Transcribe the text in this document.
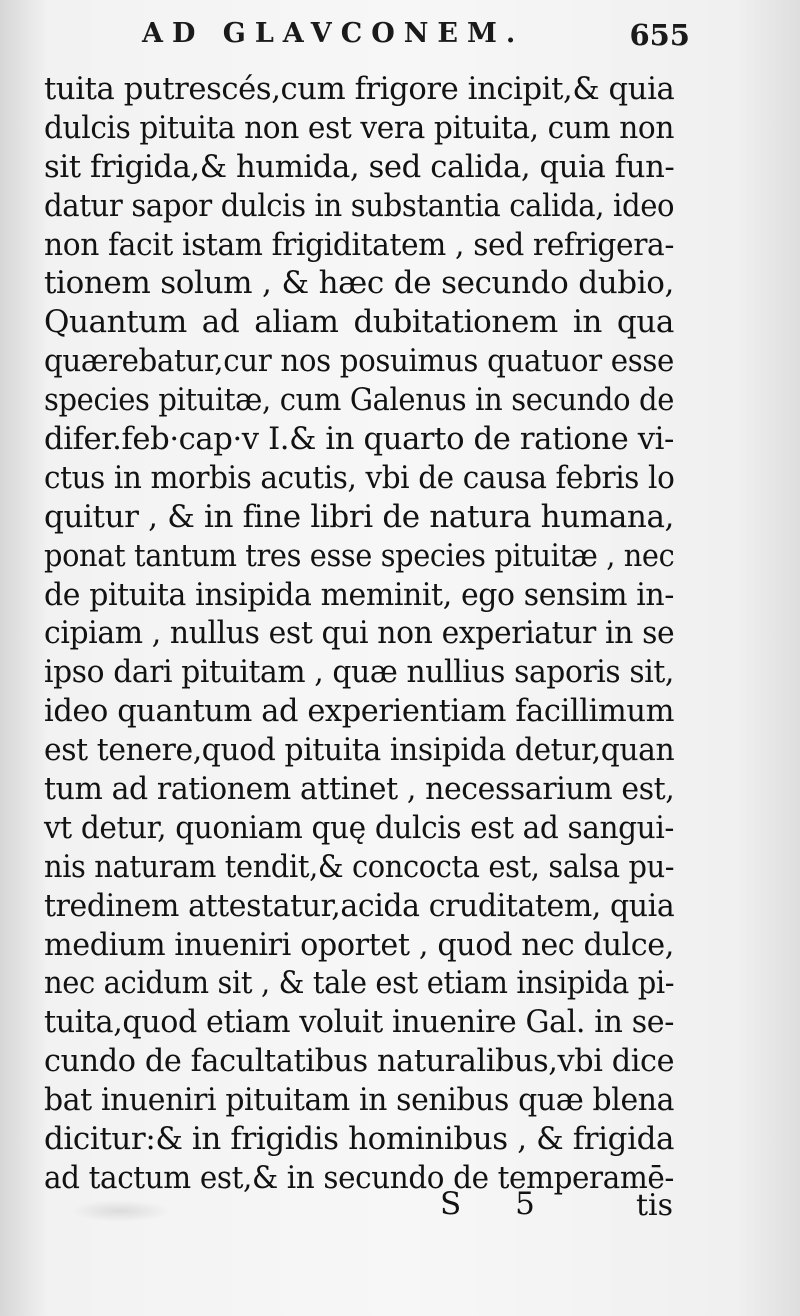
AD GLAVCONEM.	655
tuita putrescés,cum frigore incipit,& quiadulcis pituita non est vera pituita, cum nonsit frigida,& humida, sed calida, quia fun-datur sapor dulcis in substantia calida, ideonon facit istam frigiditatem , sed refrigera-
tionem solum , & hæc de secundo dubio,
Quantum ad aliam dubitationem in qua
quærebatur,cur nos posuimus quatuor essespecies pituitæ, cum Galenus in secundo dedifer.feb·cap·v I.& in quarto de ratione vi-ctus in morbis acutis, vbi de causa febris lo
quitur , & in fine libri de natura humana,
ponat tantum tres esse species pituitæ , necde pituita insipida meminit, ego sensim in-cipiam , nullus est qui non experiatur in seipso dari pituitam , quæ nullius saporis sit,ideo quantum ad experientiam facillimumest tenere,quod pituita insipida detur,quantum ad rationem attinet , necessarium est,vt detur, quoniam quę dulcis est ad sangui-nis naturam tendit,& concocta est, salsa pu-tredinem attestatur,acida cruditatem, quiamedium inueniri oportet , quod nec dulce,nec acidum sit , & tale est etiam insipida pi-tuita,quod etiam voluit inuenire Gal. in se-cundo de facultatibus naturalibus,vbi dicebat inueniri pituitam in senibus quæ blenadicitur:& in frigidis hominibus , & frigidaad tactum est,& in secundo de temperamē-
S 5	tis
